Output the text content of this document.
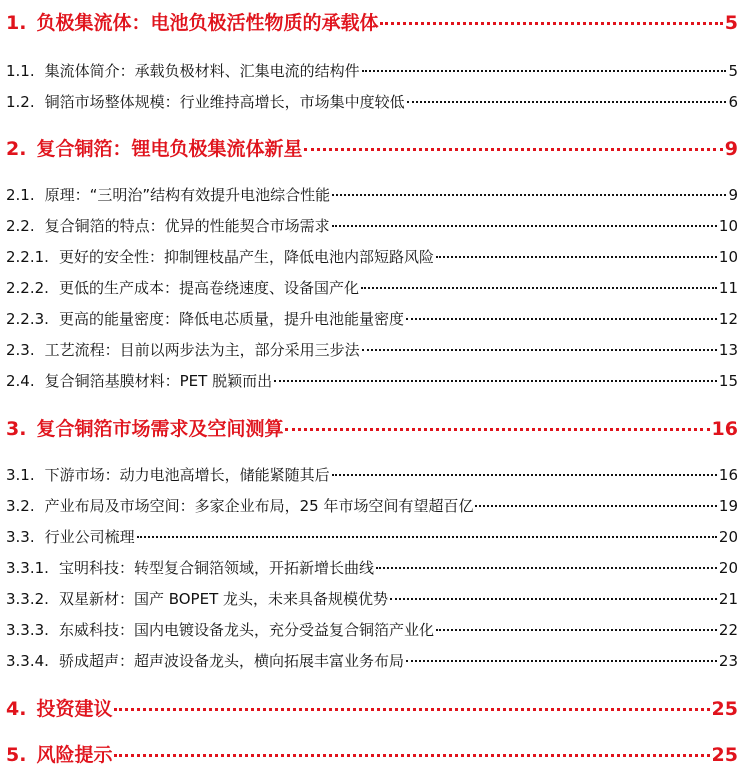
1. 负极集流体：电池负极活性物质的承载体	5
1.1. 集流体简介：承载负极材料、汇集电流的结构件	5
1.2. 铜箔市场整体规模：行业维持高增长，市场集中度较低	6
2. 复合铜箔：锂电负极集流体新星	9
2.1. 原理：“三明治”结构有效提升电池综合性能	9
2.2. 复合铜箔的特点：优异的性能契合市场需求	10
2.2.1. 更好的安全性：抑制锂枝晶产生，降低电池内部短路风险	10
2.2.2. 更低的生产成本：提高卷绕速度、设备国产化	11
2.2.3. 更高的能量密度：降低电芯质量，提升电池能量密度	12
2.3. 工艺流程：目前以两步法为主，部分采用三步法	13
2.4. 复合铜箔基膜材料：PET 脱颖而出	15
3. 复合铜箔市场需求及空间测算	16
3.1. 下游市场：动力电池高增长，储能紧随其后	16
3.2. 产业布局及市场空间：多家企业布局，25 年市场空间有望超百亿	19
3.3. 行业公司梳理	20
3.3.1. 宝明科技：转型复合铜箔领域，开拓新增长曲线	20
3.3.2. 双星新材：国产 BOPET 龙头，未来具备规模优势	21
3.3.3. 东威科技：国内电镀设备龙头，充分受益复合铜箔产业化	22
3.3.4. 骄成超声：超声波设备龙头，横向拓展丰富业务布局	23
4. 投资建议	25
5. 风险提示	25
